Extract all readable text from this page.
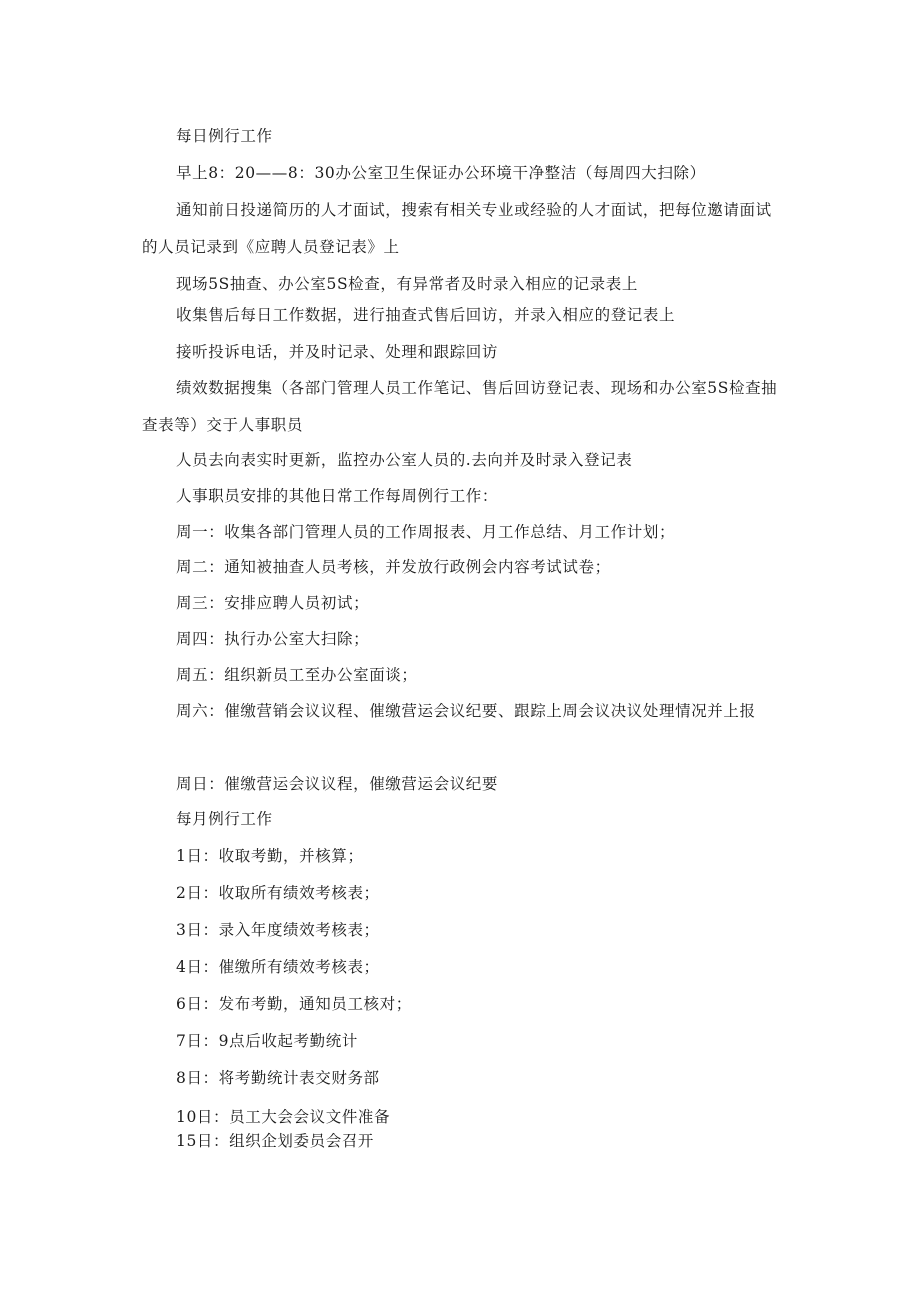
每日例行工作

早上8：20——8：30办公室卫生保证办公环境干净整洁（每周四大扫除）

通知前日投递简历的人才面试，搜索有相关专业或经验的人才面试，把每位邀请面试的人员记录到《应聘人员登记表》上

现场5S抽查、办公室5S检查，有异常者及时录入相应的记录表上

收集售后每日工作数据，进行抽查式售后回访，并录入相应的登记表上

接听投诉电话，并及时记录、处理和跟踪回访

绩效数据搜集（各部门管理人员工作笔记、售后回访登记表、现场和办公室5S检查抽查表等）交于人事职员

人员去向表实时更新，监控办公室人员的.去向并及时录入登记表

人事职员安排的其他日常工作每周例行工作：

周一：收集各部门管理人员的工作周报表、月工作总结、月工作计划；

周二：通知被抽查人员考核，并发放行政例会内容考试试卷；

周三：安排应聘人员初试；

周四：执行办公室大扫除；

周五：组织新员工至办公室面谈；

周六：催缴营销会议议程、催缴营运会议纪要、跟踪上周会议决议处理情况并上报

周日：催缴营运会议议程，催缴营运会议纪要

每月例行工作

1日：收取考勤，并核算；

2日：收取所有绩效考核表；

3日：录入年度绩效考核表；

4日：催缴所有绩效考核表；

6日：发布考勤，通知员工核对；

7日：9点后收起考勤统计

8日：将考勤统计表交财务部

10日：员工大会会议文件准备

15日：组织企划委员会召开
